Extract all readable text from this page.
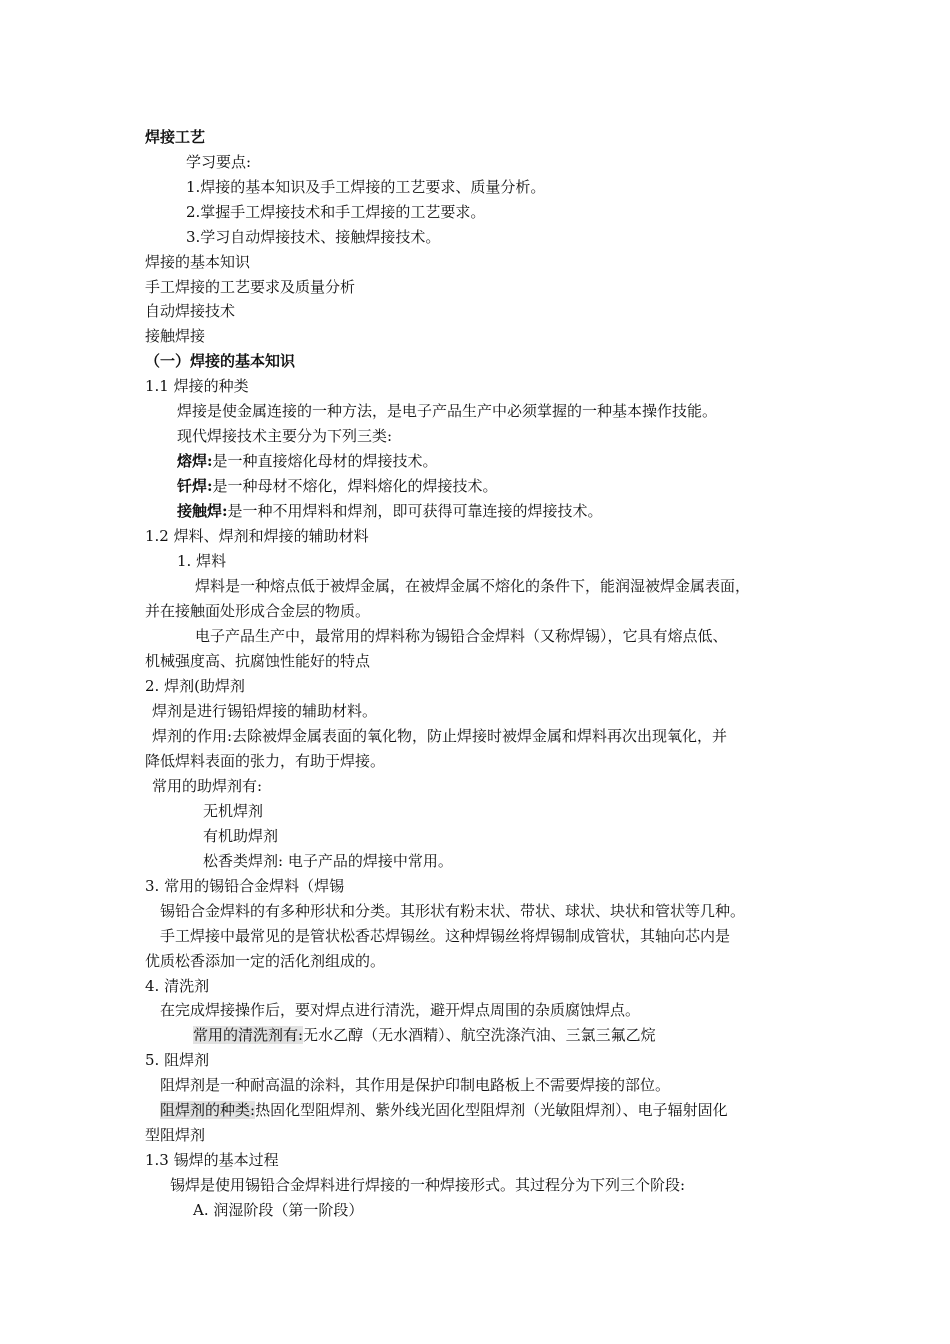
焊接工艺
学习要点:
1.焊接的基本知识及手工焊接的工艺要求、质量分析。
2.掌握手工焊接技术和手工焊接的工艺要求。
3.学习自动焊接技术、接触焊接技术。
焊接的基本知识
手工焊接的工艺要求及质量分析
自动焊接技术
接触焊接
（一）焊接的基本知识
1.1 焊接的种类
焊接是使金属连接的一种方法，是电子产品生产中必须掌握的一种基本操作技能。
现代焊接技术主要分为下列三类:
熔焊:是一种直接熔化母材的焊接技术。
钎焊:是一种母材不熔化，焊料熔化的焊接技术。
接触焊:是一种不用焊料和焊剂，即可获得可靠连接的焊接技术。
1.2 焊料、焊剂和焊接的辅助材料
1. 焊料
焊料是一种熔点低于被焊金属，在被焊金属不熔化的条件下，能润湿被焊金属表面，
并在接触面处形成合金层的物质。
电子产品生产中，最常用的焊料称为锡铅合金焊料（又称焊锡），它具有熔点低、
机械强度高、抗腐蚀性能好的特点
2. 焊剂(助焊剂
焊剂是进行锡铅焊接的辅助材料。
焊剂的作用:去除被焊金属表面的氧化物，防止焊接时被焊金属和焊料再次出现氧化，并
降低焊料表面的张力，有助于焊接。
常用的助焊剂有:
无机焊剂
有机助焊剂
松香类焊剂: 电子产品的焊接中常用。
3. 常用的锡铅合金焊料（焊锡
锡铅合金焊料的有多种形状和分类。其形状有粉末状、带状、球状、块状和管状等几种。
手工焊接中最常见的是管状松香芯焊锡丝。这种焊锡丝将焊锡制成管状，其轴向芯内是
优质松香添加一定的活化剂组成的。
4. 清洗剂
在完成焊接操作后，要对焊点进行清洗，避开焊点周围的杂质腐蚀焊点。
常用的清洗剂有:无水乙醇（无水酒精）、航空洗涤汽油、三氯三氟乙烷
5. 阻焊剂
阻焊剂是一种耐高温的涂料，其作用是保护印制电路板上不需要焊接的部位。
阻焊剂的种类:热固化型阻焊剂、紫外线光固化型阻焊剂（光敏阻焊剂）、电子辐射固化
型阻焊剂
1.3 锡焊的基本过程
锡焊是使用锡铅合金焊料进行焊接的一种焊接形式。其过程分为下列三个阶段:
A. 润湿阶段（第一阶段）
